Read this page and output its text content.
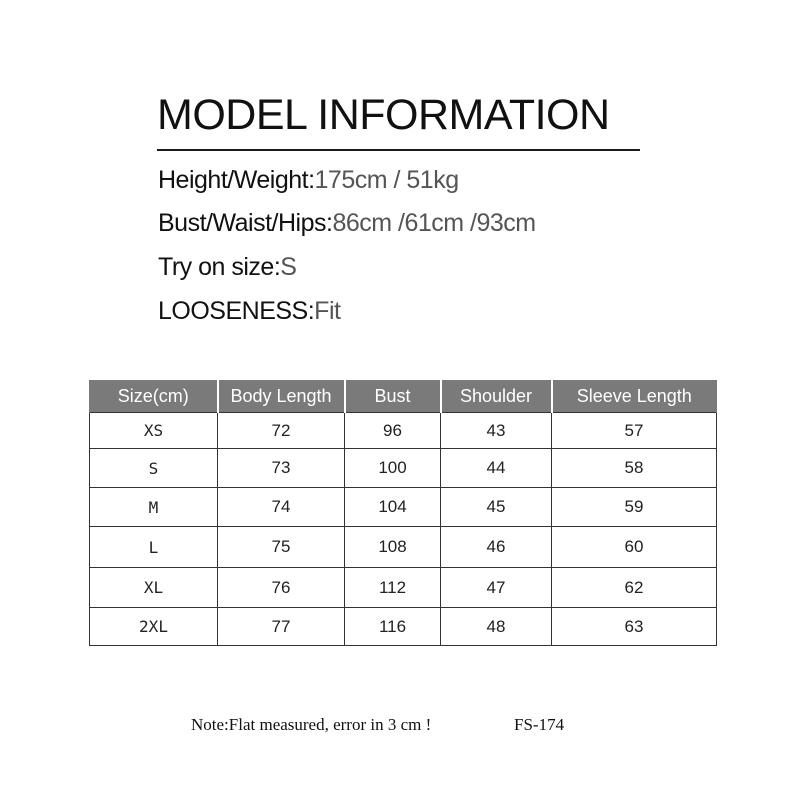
MODEL INFORMATION
Height/Weight:175cm / 51kg
Bust/Waist/Hips:86cm /61cm /93cm
Try on size:S
LOOSENESS:Fit
Size(cm)	Body Length	Bust	Shoulder	Sleeve Length
XS	72	96	43	57
S	73	100	44	58
M	74	104	45	59
L	75	108	46	60
XL	76	112	47	62
2XL	77	116	48	63
Note:Flat measured, error in 3 cm !	FS-174
